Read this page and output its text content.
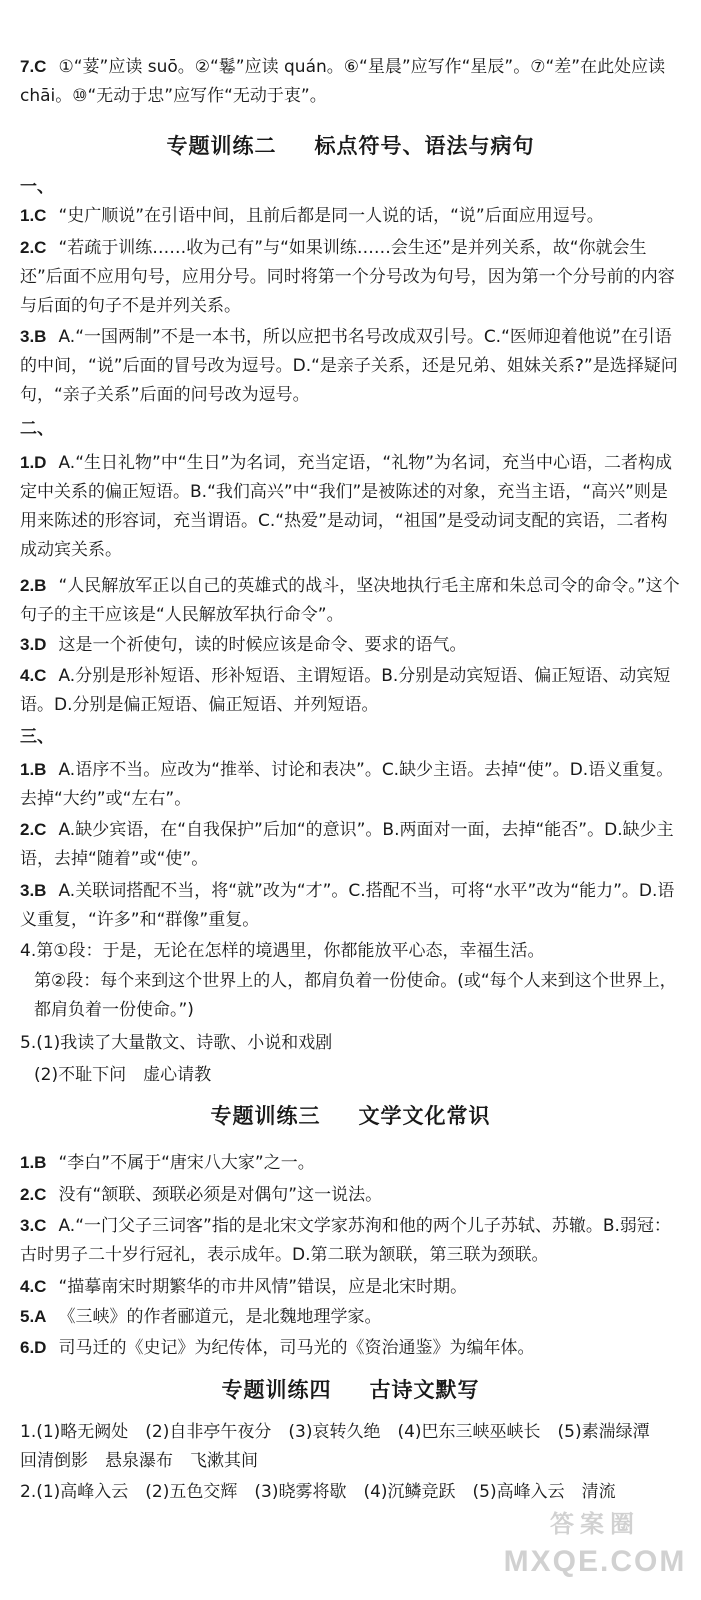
7.C ①“荽”应读 suō。②“鬈”应读 quán。⑥“星晨”应写作“星辰”。⑦“差”在此处应读 chāi。⑩“无动于忠”应写作“无动于衷”。

专题训练二 标点符号、语法与病句

一、

1.C “史广顺说”在引语中间，且前后都是同一人说的话，“说”后面应用逗号。

2.C “若疏于训练……收为己有”与“如果训练……会生还”是并列关系，故“你就会生还”后面不应用句号，应用分号。同时将第一个分号改为句号，因为第一个分号前的内容与后面的句子不是并列关系。

3.B A.“一国两制”不是一本书，所以应把书名号改成双引号。C.“医师迎着他说”在引语的中间，“说”后面的冒号改为逗号。D.“是亲子关系，还是兄弟、姐妹关系?”是选择疑问句，“亲子关系”后面的问号改为逗号。

二、

1.D A.“生日礼物”中“生日”为名词，充当定语，“礼物”为名词，充当中心语，二者构成定中关系的偏正短语。B.“我们高兴”中“我们”是被陈述的对象，充当主语，“高兴”则是用来陈述的形容词，充当谓语。C.“热爱”是动词，“祖国”是受动词支配的宾语，二者构成动宾关系。

2.B “人民解放军正以自己的英雄式的战斗，坚决地执行毛主席和朱总司令的命令。”这个句子的主干应该是“人民解放军执行命令”。

3.D 这是一个祈使句，读的时候应该是命令、要求的语气。

4.C A.分别是形补短语、形补短语、主谓短语。B.分别是动宾短语、偏正短语、动宾短语。D.分别是偏正短语、偏正短语、并列短语。

三、

1.B A.语序不当。应改为“推举、讨论和表决”。C.缺少主语。去掉“使”。D.语义重复。去掉“大约”或“左右”。

2.C A.缺少宾语，在“自我保护”后加“的意识”。B.两面对一面，去掉“能否”。D.缺少主语，去掉“随着”或“使”。

3.B A.关联词搭配不当，将“就”改为“才”。C.搭配不当，可将“水平”改为“能力”。D.语义重复，“许多”和“群像”重复。

4.第①段：于是，无论在怎样的境遇里，你都能放平心态，幸福生活。

第②段：每个来到这个世界上的人，都肩负着一份使命。(或“每个人来到这个世界上，都肩负着一份使命。”)

5.(1)我读了大量散文、诗歌、小说和戏剧

(2)不耻下问　虚心请教

专题训练三 文学文化常识

1.B “李白”不属于“唐宋八大家”之一。

2.C 没有“颔联、颈联必须是对偶句”这一说法。

3.C A.“一门父子三词客”指的是北宋文学家苏洵和他的两个儿子苏轼、苏辙。B.弱冠：古时男子二十岁行冠礼，表示成年。D.第二联为颔联，第三联为颈联。

4.C “描摹南宋时期繁华的市井风情”错误，应是北宋时期。

5.A 《三峡》的作者郦道元，是北魏地理学家。

6.D 司马迁的《史记》为纪传体，司马光的《资治通鉴》为编年体。

专题训练四 古诗文默写

1.(1)略无阙处　(2)自非亭午夜分　(3)哀转久绝　(4)巴东三峡巫峡长　(5)素湍绿潭　回清倒影　悬泉瀑布　飞漱其间

2.(1)高峰入云　(2)五色交辉　(3)晓雾将歇　(4)沉鳞竞跃　(5)高峰入云　清流

答案圈
MXQE.COM
